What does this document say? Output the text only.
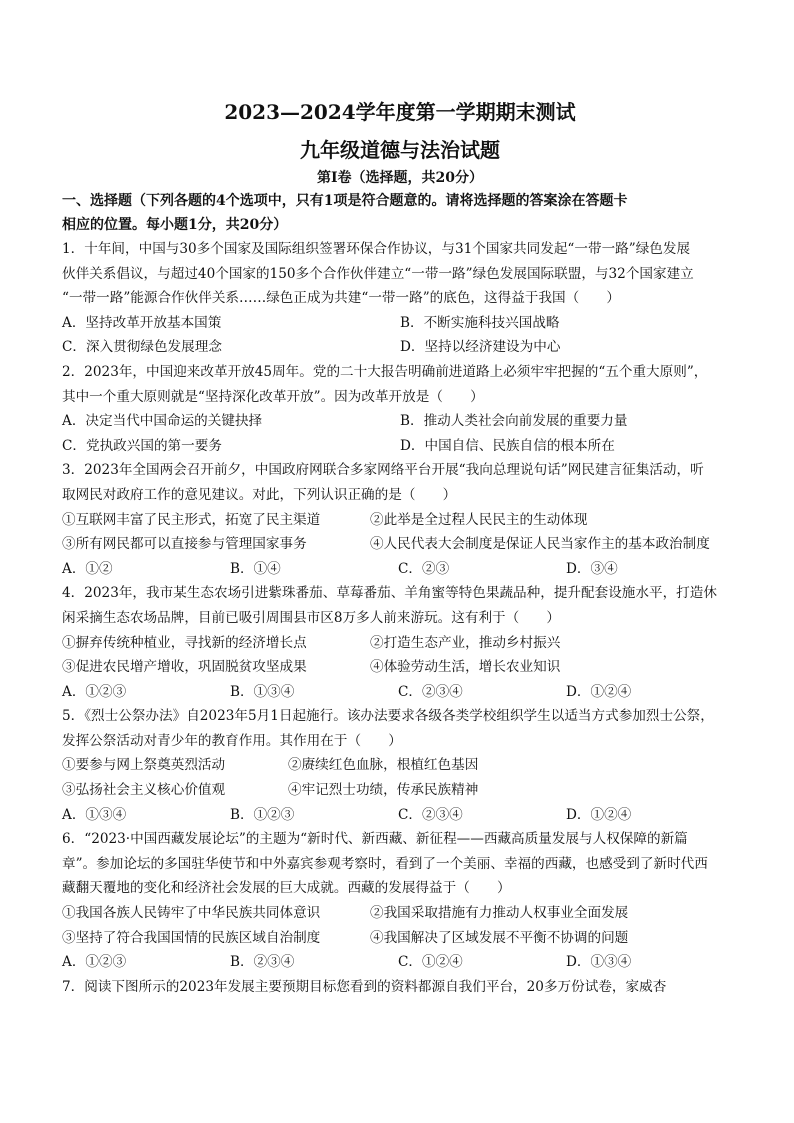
2023—2024学年度第一学期期末测试
九年级道德与法治试题
第Ⅰ卷（选择题，共20分）
一、选择题（下列各题的4个选项中，只有1项是符合题意的。请将选择题的答案涂在答题卡
相应的位置。每小题1分，共20分）
1．十年间，中国与30多个国家及国际组织签署环保合作协议，与31个国家共同发起“一带一路”绿色发展
伙伴关系倡议，与超过40个国家的150多个合作伙伴建立“一带一路”绿色发展国际联盟，与32个国家建立
“一带一路”能源合作伙伴关系……绿色正成为共建“一带一路”的底色，这得益于我国（　　）
A．坚持改革开放基本国策	B．不断实施科技兴国战略
C．深入贯彻绿色发展理念	D．坚持以经济建设为中心
2．2023年，中国迎来改革开放45周年。党的二十大报告明确前进道路上必须牢牢把握的“五个重大原则”，
其中一个重大原则就是“坚持深化改革开放”。因为改革开放是（　　）
A．决定当代中国命运的关键抉择	B．推动人类社会向前发展的重要力量
C．党执政兴国的第一要务	D．中国自信、民族自信的根本所在
3．2023年全国两会召开前夕，中国政府网联合多家网络平台开展“我向总理说句话”网民建言征集活动，听
取网民对政府工作的意见建议。对此，下列认识正确的是（　　）
①互联网丰富了民主形式，拓宽了民主渠道	②此举是全过程人民民主的生动体现
③所有网民都可以直接参与管理国家事务	④人民代表大会制度是保证人民当家作主的基本政治制度
A．①②	B．①④	C．②③	D．③④
4．2023年，我市某生态农场引进紫珠番茄、草莓番茄、羊角蜜等特色果蔬品种，提升配套设施水平，打造休
闲采摘生态农场品牌，目前已吸引周围县市区8万多人前来游玩。这有利于（　　）
①摒弃传统种植业，寻找新的经济增长点	②打造生态产业，推动乡村振兴
③促进农民增产增收，巩固脱贫攻坚成果	④体验劳动生活，增长农业知识
A．①②③	B．①③④	C．②③④	D．①②④
5．《烈士公祭办法》自2023年5月1日起施行。该办法要求各级各类学校组织学生以适当方式参加烈士公祭，
发挥公祭活动对青少年的教育作用。其作用在于（　　）
①要参与网上祭奠英烈活动	②赓续红色血脉，根植红色基因
③弘扬社会主义核心价值观	④牢记烈士功绩，传承民族精神
A．①③④	B．①②③	C．②③④	D．①②④
6．“2023·中国西藏发展论坛”的主题为“新时代、新西藏、新征程——西藏高质量发展与人权保障的新篇
章”。参加论坛的多国驻华使节和中外嘉宾参观考察时，看到了一个美丽、幸福的西藏，也感受到了新时代西
藏翻天覆地的变化和经济社会发展的巨大成就。西藏的发展得益于（　　）
①我国各族人民铸牢了中华民族共同体意识	②我国采取措施有力推动人权事业全面发展
③坚持了符合我国国情的民族区域自治制度	④我国解决了区域发展不平衡不协调的问题
A．①②③	B．②③④	C．①②④	D．①③④
7．阅读下图所示的2023年发展主要预期目标您看到的资料都源自我们平台，20多万份试卷，家威杏
